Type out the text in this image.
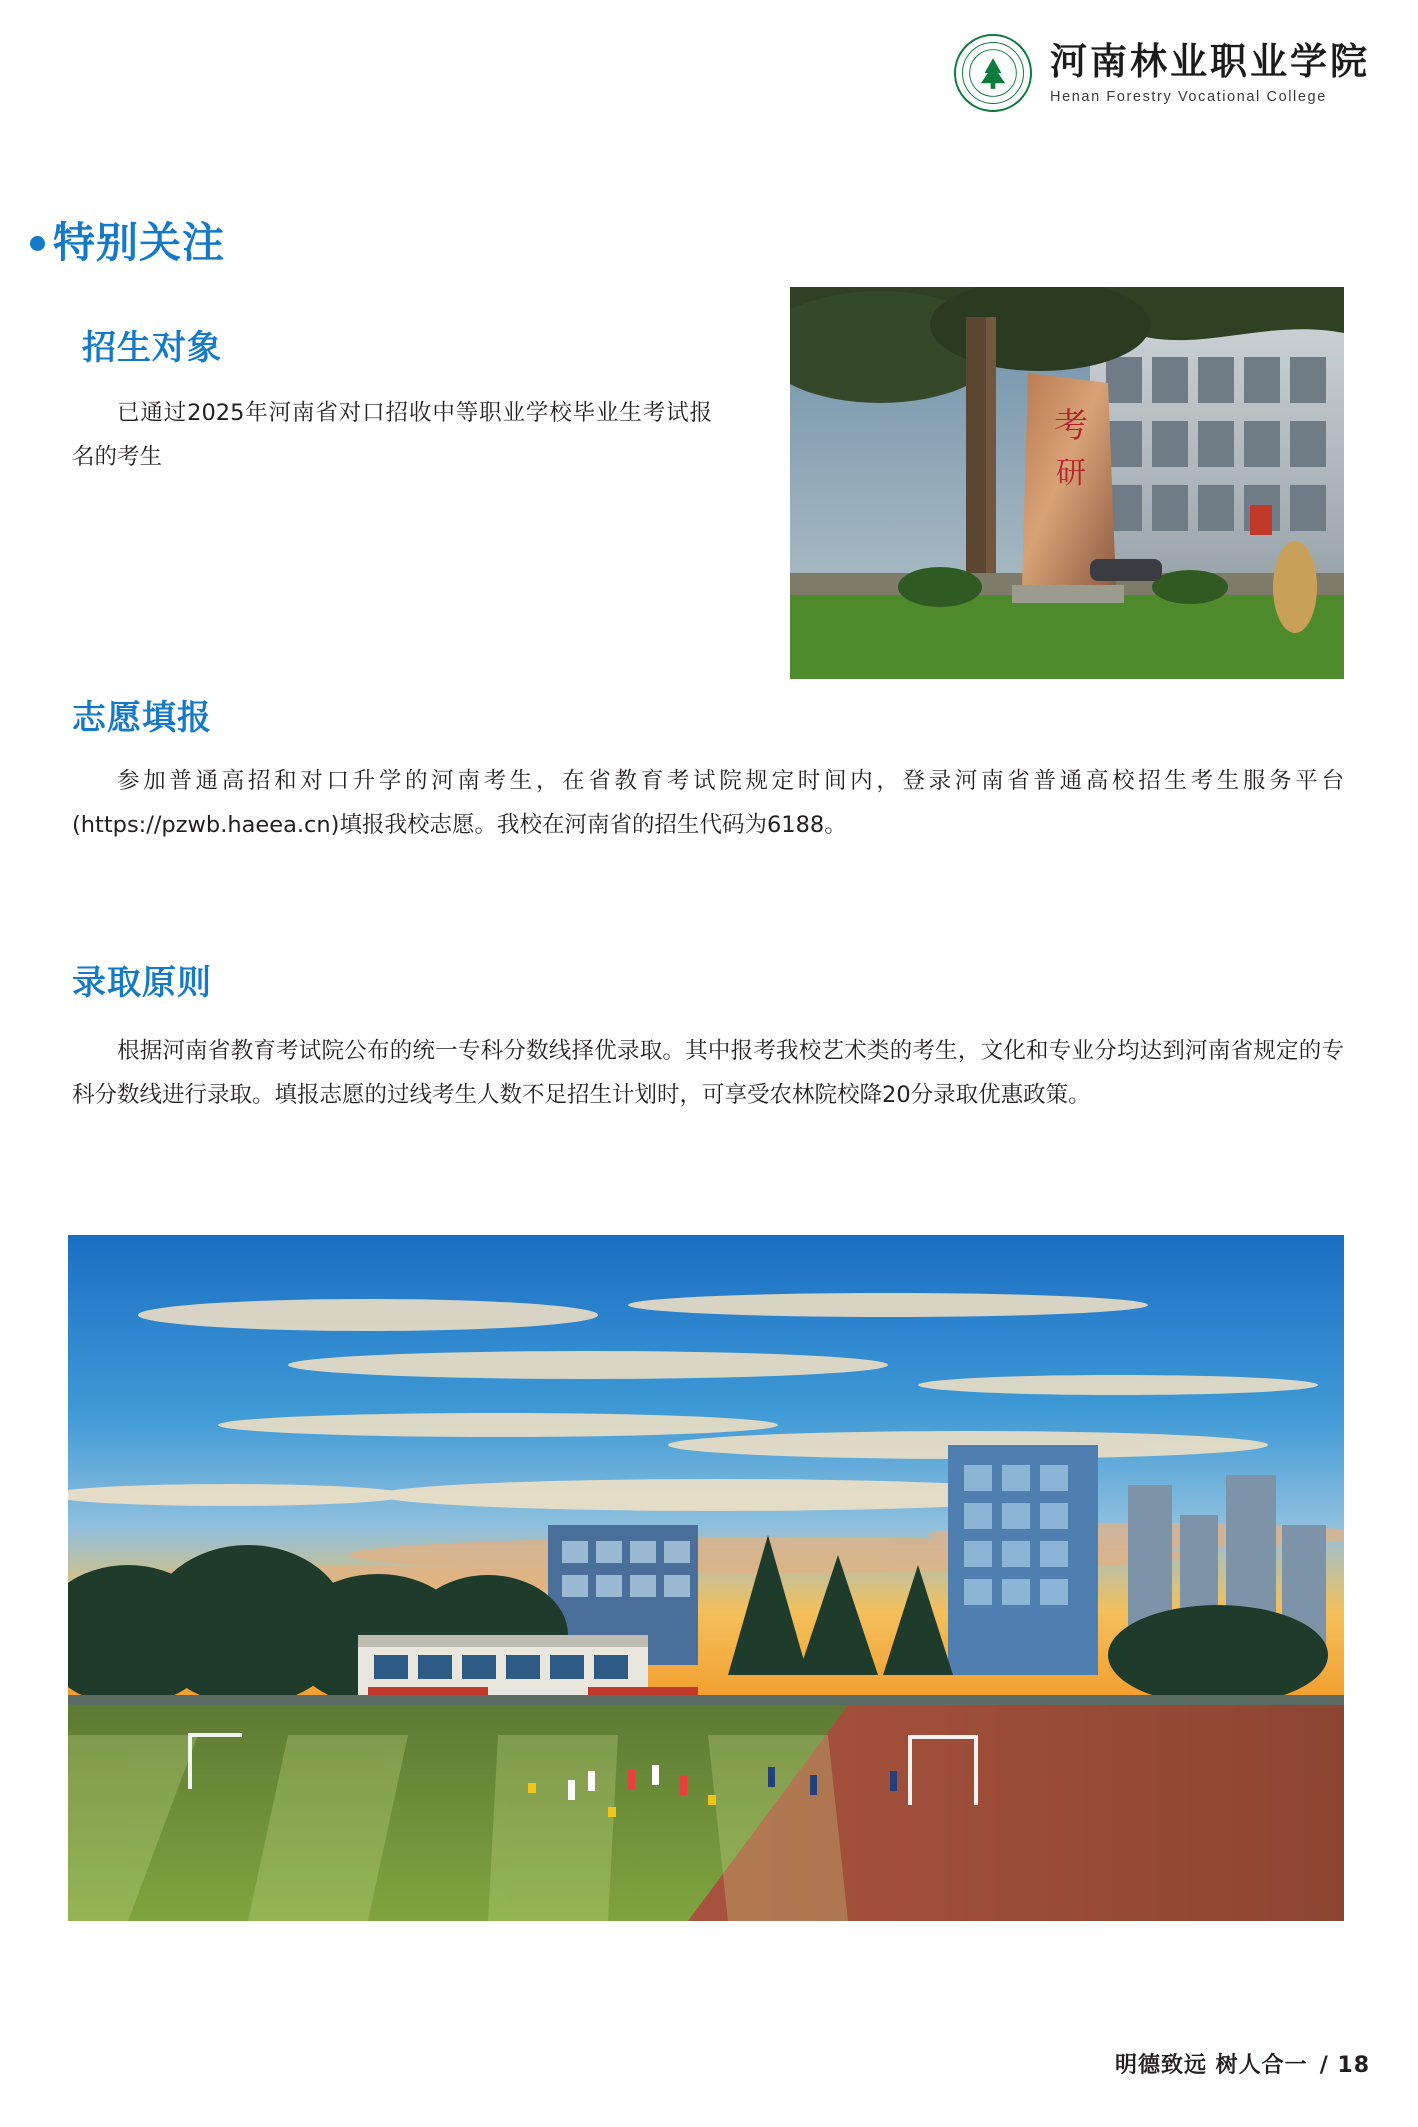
河南林业职业学院
Henan Forestry Vocational College
特别关注
招生对象
已通过2025年河南省对口招收中等职业学校毕业生考试报名的考生
考
研
志愿填报
参加普通高招和对口升学的河南考生，在省教育考试院规定时间内，登录河南省普通高校招生考生服务平台(https://pzwb.haeea.cn)填报我校志愿。我校在河南省的招生代码为6188。
录取原则
根据河南省教育考试院公布的统一专科分数线择优录取。其中报考我校艺术类的考生，文化和专业分均达到河南省规定的专科分数线进行录取。填报志愿的过线考生人数不足招生计划时，可享受农林院校降20分录取优惠政策。
明德致远 树人合一 / 18
